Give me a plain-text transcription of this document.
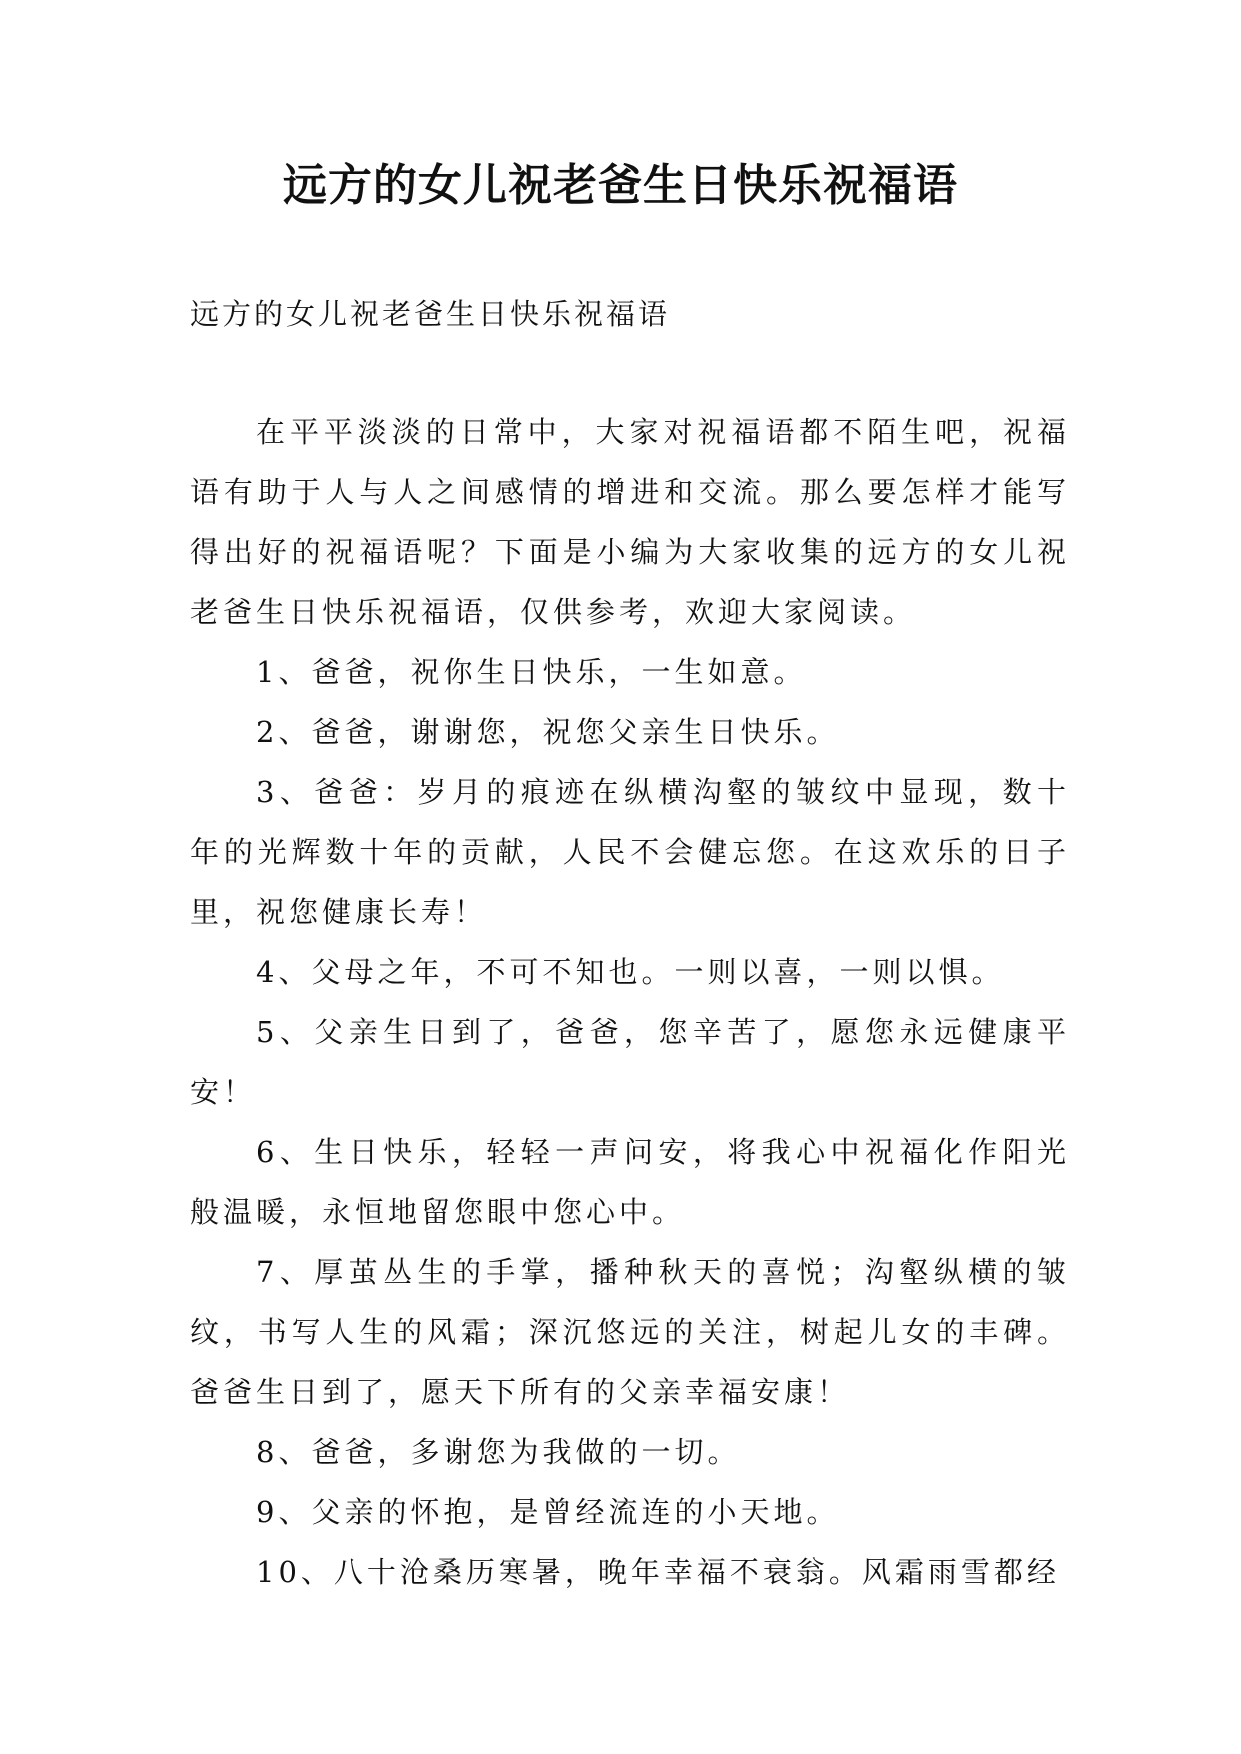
远方的女儿祝老爸生日快乐祝福语

远方的女儿祝老爸生日快乐祝福语

在平平淡淡的日常中，大家对祝福语都不陌生吧，祝福语有助于人与人之间感情的增进和交流。那么要怎样才能写得出好的祝福语呢？下面是小编为大家收集的远方的女儿祝老爸生日快乐祝福语，仅供参考，欢迎大家阅读。

1、爸爸，祝你生日快乐，一生如意。

2、爸爸，谢谢您，祝您父亲生日快乐。

3、爸爸：岁月的痕迹在纵横沟壑的皱纹中显现，数十年的光辉数十年的贡献，人民不会健忘您。在这欢乐的日子里，祝您健康长寿！

4、父母之年，不可不知也。一则以喜，一则以惧。

5、父亲生日到了，爸爸，您辛苦了，愿您永远健康平安！

6、生日快乐，轻轻一声问安，将我心中祝福化作阳光般温暖，永恒地留您眼中您心中。

7、厚茧丛生的手掌，播种秋天的喜悦；沟壑纵横的皱纹，书写人生的风霜；深沉悠远的关注，树起儿女的丰碑。爸爸生日到了，愿天下所有的父亲幸福安康！

8、爸爸，多谢您为我做的一切。

9、父亲的怀抱，是曾经流连的小天地。

10、八十沧桑历寒暑，晚年幸福不衰翁。风霜雨雪都经
